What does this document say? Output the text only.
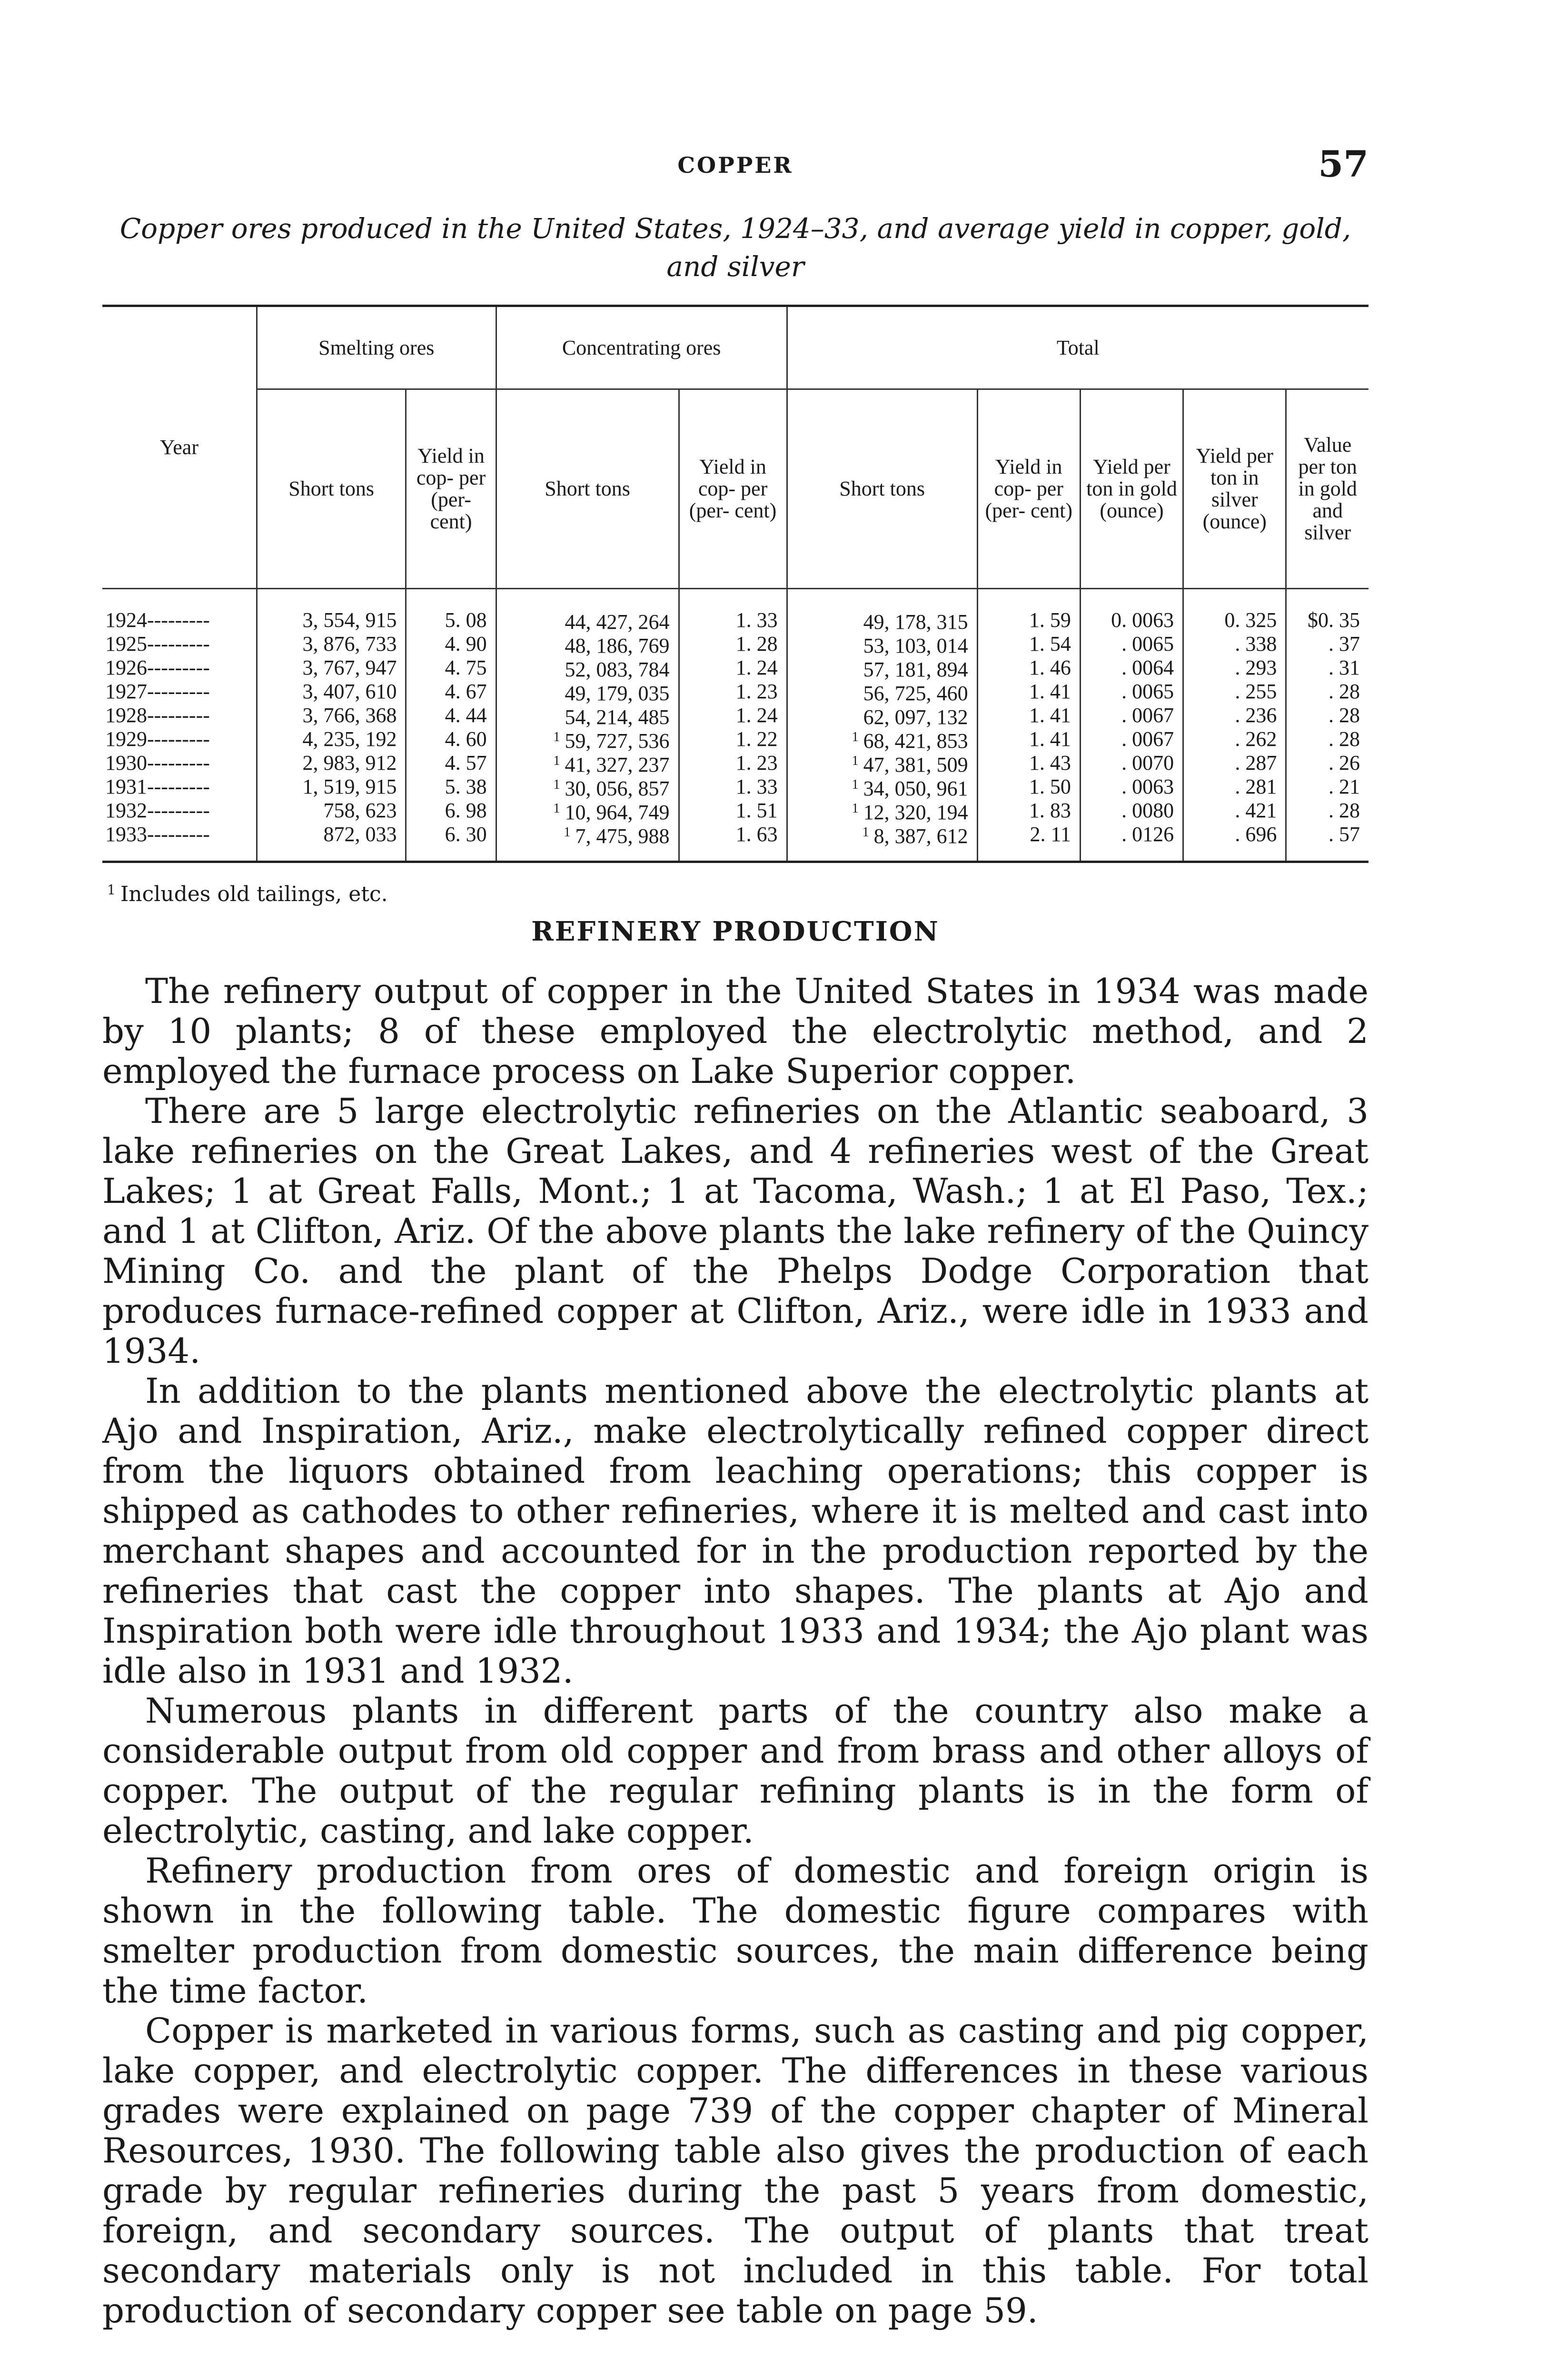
COPPER	57
Copper ores produced in the United States, 1924–33, and average yield in copper, gold, and silver
Year	Smelting ores		Concentrating ores		Total				
	Short tons	Yield in cop- per (per- cent)	Short tons	Yield in cop- per (per- cent)	Short tons	Yield in cop- per (per- cent)	Yield per ton in gold (ounce)	Yield per ton in silver (ounce)	Value per ton in gold and silver
1924---------	3, 554, 915	5. 08	44, 427, 264	1. 33	49, 178, 315	1. 59	0. 0063	0. 325	$0. 35
1925---------	3, 876, 733	4. 90	48, 186, 769	1. 28	53, 103, 014	1. 54	. 0065	. 338	. 37
1926---------	3, 767, 947	4. 75	52, 083, 784	1. 24	57, 181, 894	1. 46	. 0064	. 293	. 31
1927---------	3, 407, 610	4. 67	49, 179, 035	1. 23	56, 725, 460	1. 41	. 0065	. 255	. 28
1928---------	3, 766, 368	4. 44	54, 214, 485	1. 24	62, 097, 132	1. 41	. 0067	. 236	. 28
1929---------	4, 235, 192	4. 60	$^1$ 59, 727, 536	1. 22	$^1$ 68, 421, 853	1. 41	. 0067	. 262	. 28
1930---------	2, 983, 912	4. 57	$^1$ 41, 327, 237	1. 23	$^1$ 47, 381, 509	1. 43	. 0070	. 287	. 26
1931---------	1, 519, 915	5. 38	$^1$ 30, 056, 857	1. 33	$^1$ 34, 050, 961	1. 50	. 0063	. 281	. 21
1932---------	758, 623	6. 98	$^1$ 10, 964, 749	1. 51	$^1$ 12, 320, 194	1. 83	. 0080	. 421	. 28
1933---------	872, 033	6. 30	$^1$ 7, 475, 988	1. 63	$^1$ 8, 387, 612	2. 11	. 0126	. 696	. 57
$^1$ Includes old tailings, etc.
REFINERY PRODUCTION

The refinery output of copper in the United States in 1934 was made by 10 plants; 8 of these employed the electrolytic method, and 2 employed the furnace process on Lake Superior copper.

There are 5 large electrolytic refineries on the Atlantic seaboard, 3 lake refineries on the Great Lakes, and 4 refineries west of the Great Lakes; 1 at Great Falls, Mont.; 1 at Tacoma, Wash.; 1 at El Paso, Tex.; and 1 at Clifton, Ariz. Of the above plants the lake refinery of the Quincy Mining Co. and the plant of the Phelps Dodge Corporation that produces furnace-refined copper at Clifton, Ariz., were idle in 1933 and 1934.

In addition to the plants mentioned above the electrolytic plants at Ajo and Inspiration, Ariz., make electrolytically refined copper direct from the liquors obtained from leaching operations; this copper is shipped as cathodes to other refineries, where it is melted and cast into merchant shapes and accounted for in the production reported by the refineries that cast the copper into shapes. The plants at Ajo and Inspiration both were idle throughout 1933 and 1934; the Ajo plant was idle also in 1931 and 1932.

Numerous plants in different parts of the country also make a considerable output from old copper and from brass and other alloys of copper. The output of the regular refining plants is in the form of electrolytic, casting, and lake copper.

Refinery production from ores of domestic and foreign origin is shown in the following table. The domestic figure compares with smelter production from domestic sources, the main difference being the time factor.

Copper is marketed in various forms, such as casting and pig copper, lake copper, and electrolytic copper. The differences in these various grades were explained on page 739 of the copper chapter of Mineral Resources, 1930. The following table also gives the production of each grade by regular refineries during the past 5 years from domestic, foreign, and secondary sources. The output of plants that treat secondary materials only is not included in this table. For total production of secondary copper see table on page 59.
